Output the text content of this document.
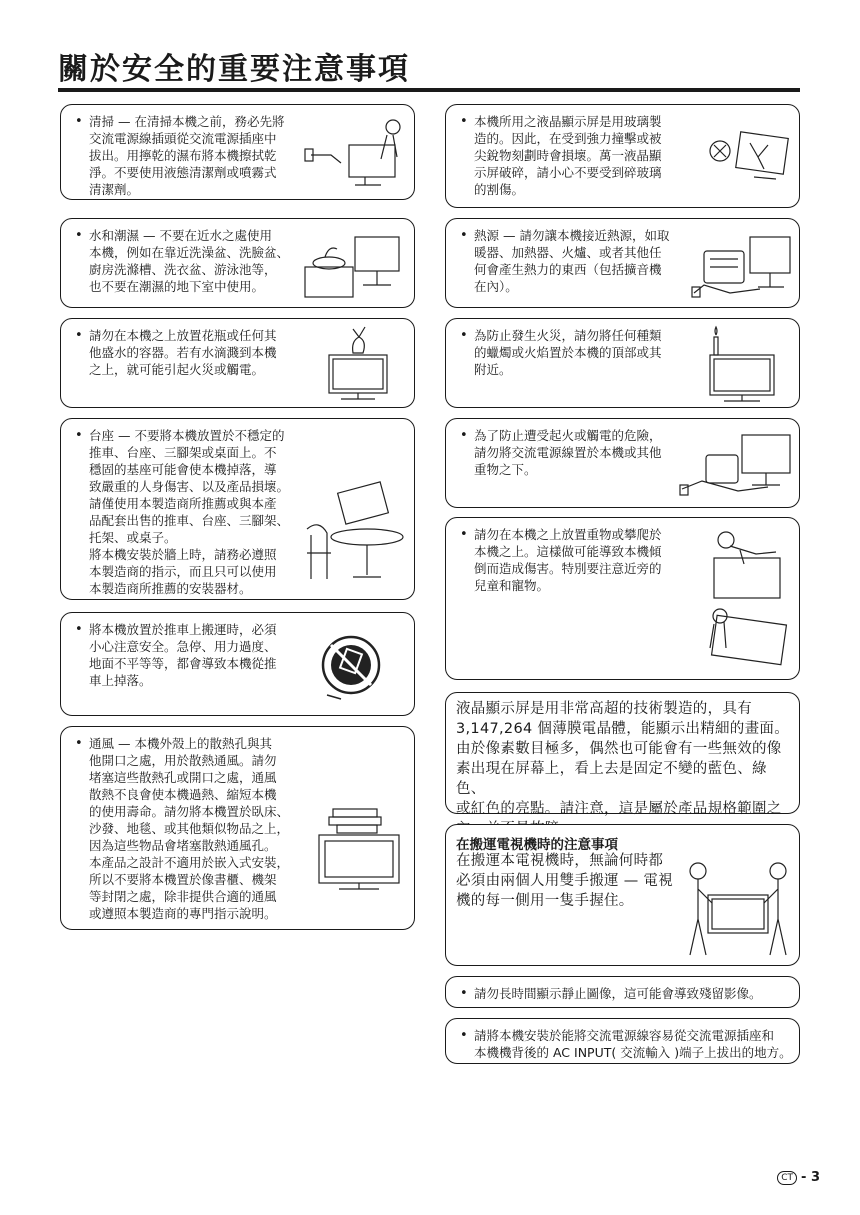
關於安全的重要注意事項
• 清掃 — 在清掃本機之前，務必先將
交流電源線插頭從交流電源插座中
拔出。用擰乾的濕布將本機擦拭乾
淨。不要使用液態清潔劑或噴霧式
清潔劑。
• 水和潮濕 — 不要在近水之處使用
本機，例如在靠近洗澡盆、洗臉盆、
廚房洗滌槽、洗衣盆、游泳池等，
也不要在潮濕的地下室中使用。
• 請勿在本機之上放置花瓶或任何其
他盛水的容器。若有水滴濺到本機
之上，就可能引起火災或觸電。
• 台座 — 不要將本機放置於不穩定的
推車、台座、三腳架或桌面上。不
穩固的基座可能會使本機掉落，導
致嚴重的人身傷害、以及產品損壞。
請僅使用本製造商所推薦或與本產
品配套出售的推車、台座、三腳架、
托架、或桌子。
將本機安裝於牆上時，請務必遵照
本製造商的指示，而且只可以使用
本製造商所推薦的安裝器材。
• 將本機放置於推車上搬運時，必須
小心注意安全。急停、用力過度、
地面不平等等，都會導致本機從推
車上掉落。
• 通風 — 本機外殼上的散熱孔與其
他開口之處，用於散熱通風。請勿
堵塞這些散熱孔或開口之處，通風
散熱不良會使本機過熱、縮短本機
的使用壽命。請勿將本機置於臥床、
沙發、地毯、或其他類似物品之上，
因為這些物品會堵塞散熱通風孔。
本產品之設計不適用於嵌入式安裝，
所以不要將本機置於像書櫃、機架
等封閉之處，除非提供合適的通風
或遵照本製造商的專門指示說明。
• 本機所用之液晶顯示屏是用玻璃製
造的。因此，在受到強力撞擊或被
尖銳物刻劃時會損壞。萬一液晶顯
示屏破碎，請小心不要受到碎玻璃
的割傷。
• 熱源 — 請勿讓本機接近熱源，如取
暖器、加熱器、火爐、或者其他任
何會產生熱力的東西（包括擴音機
在內）。
• 為防止發生火災，請勿將任何種類
的蠟燭或火焰置於本機的頂部或其
附近。
• 為了防止遭受起火或觸電的危險，
請勿將交流電源線置於本機或其他
重物之下。
• 請勿在本機之上放置重物或攀爬於
本機之上。這樣做可能導致本機傾
倒而造成傷害。特別要注意近旁的
兒童和寵物。
液晶顯示屏是用非常高超的技術製造的，具有
3,147,264 個薄膜電晶體，能顯示出精細的畫面。
由於像素數目極多，偶然也可能會有一些無效的像
素出現在屏幕上，看上去是固定不變的藍色、綠色、
或紅色的亮點。請注意，這是屬於產品規格範圍之

在搬運電視機時的注意事項
在搬運本電視機時，無論何時都
必須由兩個人用雙手搬運 — 電視
機的每一側用一隻手握住。
• 請勿長時間顯示靜止圖像，這可能會導致殘留影像。
• 請將本機安裝於能將交流電源線容易從交流電源插座和
本機機背後的 AC INPUT( 交流輸入 )端子上拔出的地方。
CT - 3
